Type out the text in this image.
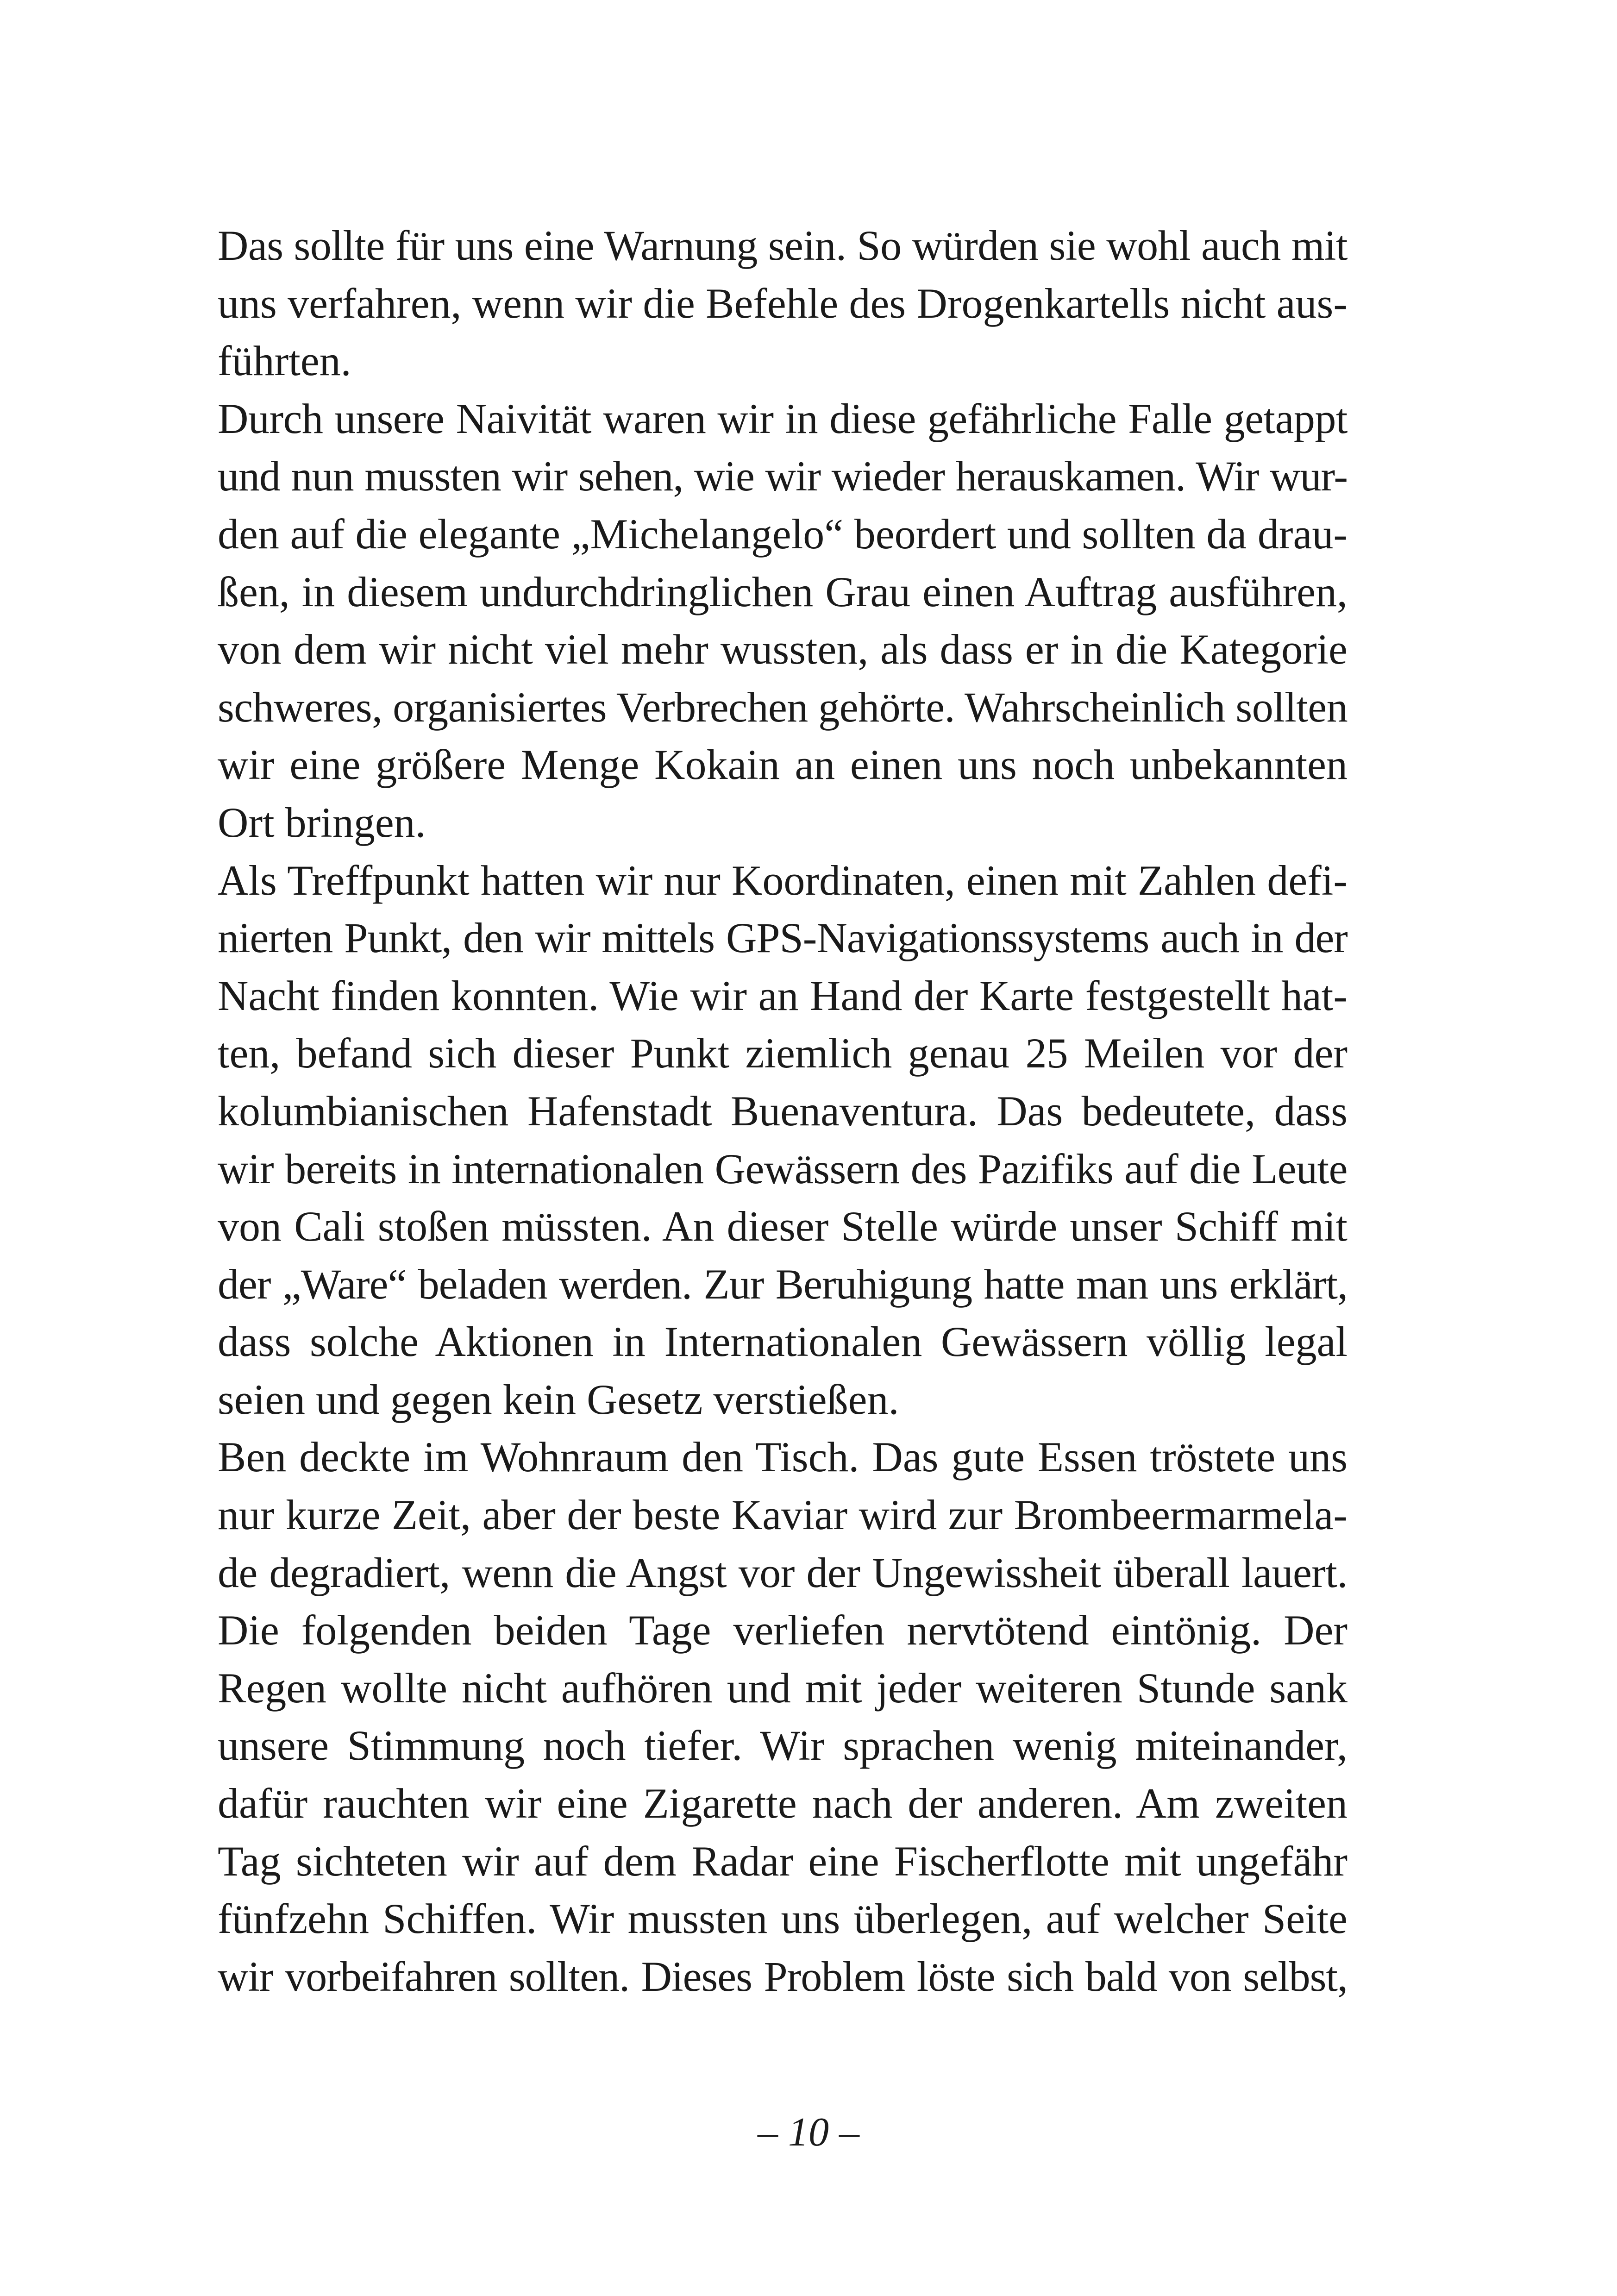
Das sollte für uns eine Warnung sein. So würden sie wohl auch mit
uns verfahren, wenn wir die Befehle des Drogenkartells nicht aus-
führten.
Durch unsere Naivität waren wir in diese gefährliche Falle getappt
und nun mussten wir sehen, wie wir wieder herauskamen. Wir wur-
den auf die elegante „Michelangelo“ beordert und sollten da drau-
ßen, in diesem undurchdringlichen Grau einen Auftrag ausführen,
von dem wir nicht viel mehr wussten, als dass er in die Kategorie
schweres, organisiertes Verbrechen gehörte. Wahrscheinlich sollten
wir eine größere Menge Kokain an einen uns noch unbekannten
Ort bringen.
Als Treffpunkt hatten wir nur Koordinaten, einen mit Zahlen defi-
nierten Punkt, den wir mittels GPS-Navigationssystems auch in der
Nacht finden konnten. Wie wir an Hand der Karte festgestellt hat-
ten, befand sich dieser Punkt ziemlich genau 25 Meilen vor der
kolumbianischen Hafenstadt Buenaventura. Das bedeutete, dass
wir bereits in internationalen Gewässern des Pazifiks auf die Leute
von Cali stoßen müssten. An dieser Stelle würde unser Schiff mit
der „Ware“ beladen werden. Zur Beruhigung hatte man uns erklärt,
dass solche Aktionen in Internationalen Gewässern völlig legal
seien und gegen kein Gesetz verstießen.
Ben deckte im Wohnraum den Tisch. Das gute Essen tröstete uns
nur kurze Zeit, aber der beste Kaviar wird zur Brombeermarmela-
de degradiert, wenn die Angst vor der Ungewissheit überall lauert.
Die folgenden beiden Tage verliefen nervtötend eintönig. Der
Regen wollte nicht aufhören und mit jeder weiteren Stunde sank
unsere Stimmung noch tiefer. Wir sprachen wenig miteinander,
dafür rauchten wir eine Zigarette nach der anderen. Am zweiten
Tag sichteten wir auf dem Radar eine Fischerflotte mit ungefähr
fünfzehn Schiffen. Wir mussten uns überlegen, auf welcher Seite
wir vorbeifahren sollten. Dieses Problem löste sich bald von selbst,
– 10 –
